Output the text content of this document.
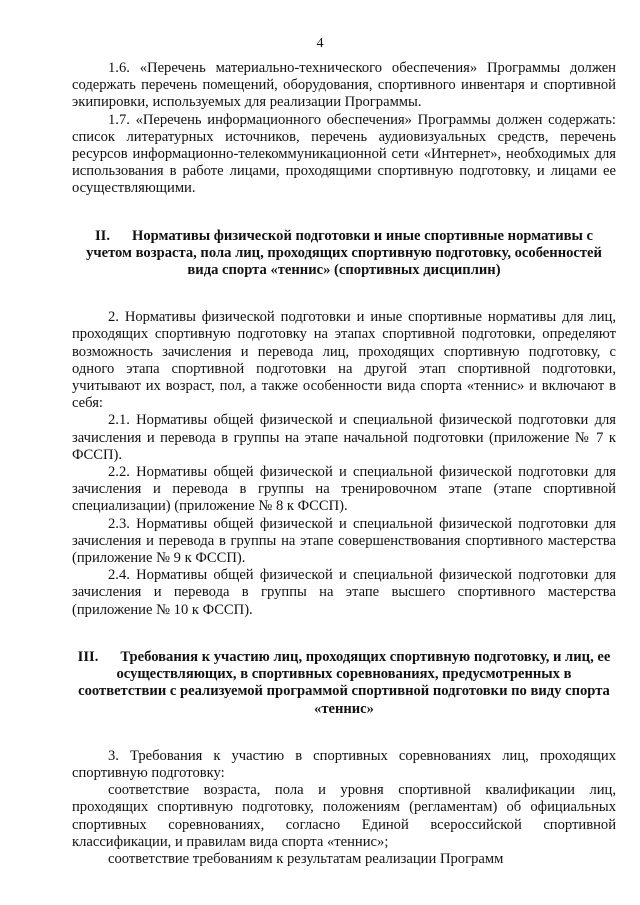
4

1.6. «Перечень материально-технического обеспечения» Программы должен содержать перечень помещений, оборудования, спортивного инвентаря и спортивной экипировки, используемых для реализации Программы.

1.7. «Перечень информационного обеспечения» Программы должен содержать: список литературных источников, перечень аудиовизуальных средств, перечень ресурсов информационно-телекоммуникационной сети «Интернет», необходимых для использования в работе лицами, проходящими спортивную подготовку, и лицами ее осуществляющими.

II. Нормативы физической подготовки и иные спортивные нормативы с учетом возраста, пола лиц, проходящих спортивную подготовку, особенностей вида спорта «теннис» (спортивных дисциплин)

2. Нормативы физической подготовки и иные спортивные нормативы для лиц, проходящих спортивную подготовку на этапах спортивной подготовки, определяют возможность зачисления и перевода лиц, проходящих спортивную подготовку, с одного этапа спортивной подготовки на другой этап спортивной подготовки, учитывают их возраст, пол, а также особенности вида спорта «теннис» и включают в себя:

2.1. Нормативы общей физической и специальной физической подготовки для зачисления и перевода в группы на этапе начальной подготовки (приложение № 7 к ФССП).

2.2. Нормативы общей физической и специальной физической подготовки для зачисления и перевода в группы на тренировочном этапе (этапе спортивной специализации) (приложение № 8 к ФССП).

2.3. Нормативы общей физической и специальной физической подготовки для зачисления и перевода в группы на этапе совершенствования спортивного мастерства (приложение № 9 к ФССП).

2.4. Нормативы общей физической и специальной физической подготовки для зачисления и перевода в группы на этапе высшего спортивного мастерства (приложение № 10 к ФССП).

III. Требования к участию лиц, проходящих спортивную подготовку, и лиц, ее осуществляющих, в спортивных соревнованиях, предусмотренных в соответствии с реализуемой программой спортивной подготовки по виду спорта «теннис»

3. Требования к участию в спортивных соревнованиях лиц, проходящих спортивную подготовку:

соответствие возраста, пола и уровня спортивной квалификации лиц, проходящих спортивную подготовку, положениям (регламентам) об официальных спортивных соревнованиях, согласно Единой всероссийской спортивной классификации, и правилам вида спорта «теннис»;

соответствие требованиям к результатам реализации Программ
